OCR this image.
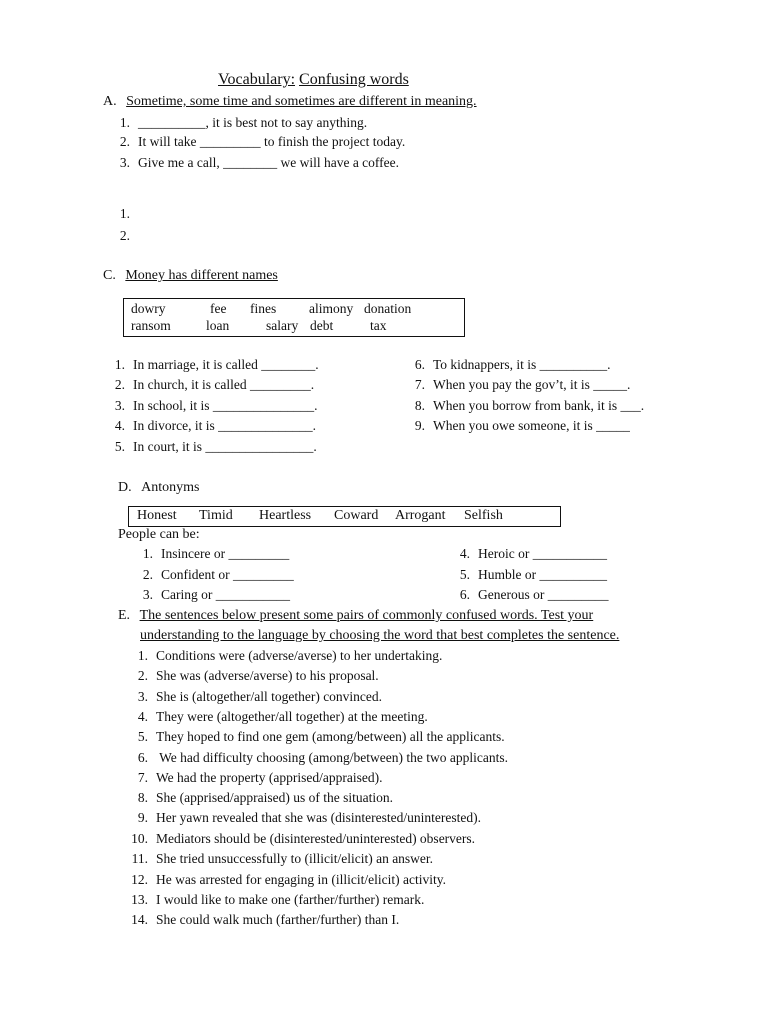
Vocabulary: Confusing words
A. Sometime, some time and sometimes are different in meaning.
1. __________, it is best not to say anything.
2. It will take _________ to finish the project today.
3. Give me a call, ________ we will have a coffee.
1.
2.
C. Money has different names
dowry	fee fines alimony donation
ransom	loan	salary debt	tax
1. In marriage, it is called ________.
2. In church, it is called _________.
3. In school, it is _______________.
4. In divorce, it is ______________.
5. In court, it is ________________.
6. To kidnappers, it is __________.
7. When you pay the gov’t, it is _____.
8. When you borrow from bank, it is ___.
9. When you owe someone, it is _____
D. Antonyms
Honest Timid Heartless Coward Arrogant Selfish
People can be:
1. Insincere or _________
2. Confident or _________
3. Caring or ___________
4. Heroic or ___________
5. Humble or __________
6. Generous or _________
E. The sentences below present some pairs of commonly confused words. Test your
understanding to the language by choosing the word that best completes the sentence.
1. Conditions were (adverse/averse) to her undertaking.
2. She was (adverse/averse) to his proposal.
3. She is (altogether/all together) convinced.
4. They were (altogether/all together) at the meeting.
5. They hoped to find one gem (among/between) all the applicants.
6. We had difficulty choosing (among/between) the two applicants.
7. We had the property (apprised/appraised).
8. She (apprised/appraised) us of the situation.
9. Her yawn revealed that she was (disinterested/uninterested).
10. Mediators should be (disinterested/uninterested) observers.
11. She tried unsuccessfully to (illicit/elicit) an answer.
12. He was arrested for engaging in (illicit/elicit) activity.
13. I would like to make one (farther/further) remark.
14. She could walk much (farther/further) than I.
